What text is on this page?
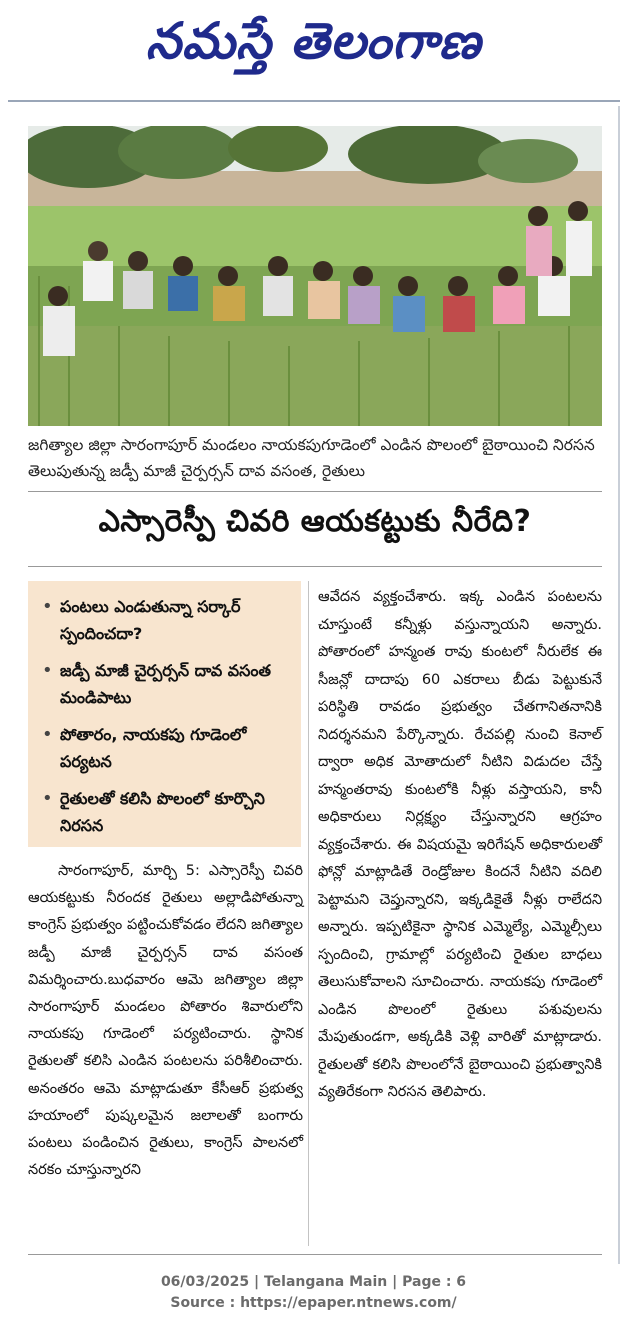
నమస్తే తెలంగాణ
జగిత్యాల జిల్లా సారంగాపూర్ మండలం నాయకపుగూడెంలో ఎండిన పొలంలో బైఠాయించి నిరసన తెలుపుతున్న జడ్పీ మాజీ చైర్పర్సన్ దావ వసంత, రైతులు
ఎస్సారెస్పీ చివరి ఆయకట్టుకు నీరేది?
• పంటలు ఎండుతున్నా సర్కార్ స్పందించదా?
• జడ్పీ మాజీ చైర్పర్సన్ దావ వసంత మండిపాటు
• పోతారం, నాయకపు గూడెంలో పర్యటన
• రైతులతో కలిసి పొలంలో కూర్చొని నిరసన
సారంగాపూర్, మార్చి 5: ఎస్సారెస్పీ చివరి ఆయకట్టుకు నీరందక రైతులు అల్లాడిపోతున్నా కాంగ్రెస్ ప్రభుత్వం పట్టించుకోవడం లేదని జగిత్యాల జడ్పీ మాజీ చైర్పర్సన్ దావ వసంత విమర్శించారు.బుధవారం ఆమె జగిత్యాల జిల్లా సారంగాపూర్ మండలం పోతారం శివారులోని నాయకపు గూడెంలో పర్యటించారు. స్థానిక రైతులతో కలిసి ఎండిన పంటలను పరిశీలించారు. అనంతరం ఆమె మాట్లాడుతూ కేసీఆర్ ప్రభుత్వ హయాంలో పుష్కలమైన జలాలతో బంగారు పంటలు పండించిన రైతులు, కాంగ్రెస్ పాలనలో నరకం చూస్తున్నారని
ఆవేదన వ్యక్తంచేశారు. ఇక్క ఎండిన పంటలను చూస్తుంటే కన్నీళ్లు వస్తున్నాయని అన్నారు. పోతారంలో హన్మంత రావు కుంటలో నీరులేక ఈ సీజన్లో దాదాపు 60 ఎకరాలు బీడు పెట్టుకునే పరిస్థితి రావడం ప్రభుత్వం చేతగానితనానికి నిదర్శనమని పేర్కొన్నారు. రేచపల్లి నుంచి కెనాల్ ద్వారా అధిక మోతాదులో నీటిని విడుదల చేస్తే హన్మంతరావు కుంటలోకి నీళ్లు వస్తాయని, కానీ అధికారులు నిర్లక్ష్యం చేస్తున్నారని ఆగ్రహం వ్యక్తంచేశారు. ఈ విషయమై ఇరిగేషన్ అధికారులతో ఫోన్లో మాట్లాడితే రెండ్రోజుల కిందనే నీటిని వదిలి పెట్టామని చెప్తున్నారని, ఇక్కడికైతే నీళ్లు రాలేదని అన్నారు. ఇప్పటికైనా స్థానిక ఎమ్మెల్యే, ఎమ్మెల్సీలు స్పందించి, గ్రామాల్లో పర్యటించి రైతుల బాధలు తెలుసుకోవాలని సూచించారు. నాయకపు గూడెంలో ఎండిన పొలంలో రైతులు పశువులను మేపుతుండగా, అక్కడికి వెళ్లి వారితో మాట్లాడారు. రైతులతో కలిసి పొలంలోనే బైఠాయించి ప్రభుత్వానికి వ్యతిరేకంగా నిరసన తెలిపారు.
06/03/2025 | Telangana Main | Page : 6
Source : https://epaper.ntnews.com/
